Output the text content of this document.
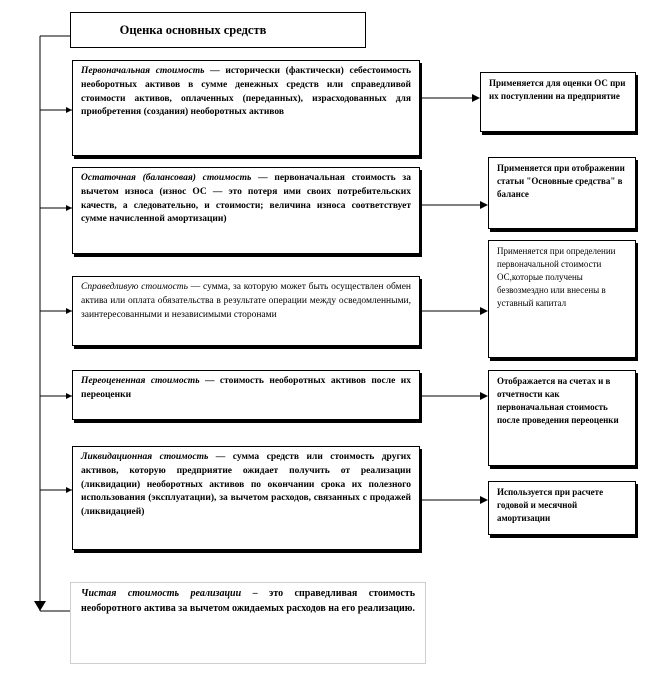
Оценка основных средств
Первоначальная стоимость — исторически (фактически) себестоимость необоротных активов в сумме денежных средств или справедливой стоимости активов, оплаченных (переданных), израсходованных для приобретения (создания) необоротных активов
Применяется для оценки ОС при их поступлении на предприятие
Остаточная (балансовая) стоимость — первоначальная стоимость за вычетом износа (износ ОС — это потеря ими своих потребительских качеств, а следовательно, и стоимости; величина износа соответствует сумме начисленной амортизации)
Применяется при отображении статьи "Основные средства" в балансе
Справедливую стоимость — сумма, за которую может быть осуществлен обмен актива или оплата обязательства в результате операции между осведомленными, заинтересованными и независимыми сторонами
Применяется при определении первоначальной стоимости ОС,которые получены безвозмездно или внесены в уставный капитал
Переоцененная стоимость — стоимость необоротных активов после их переоценки
Отображается на счетах и в отчетности как первоначальная стоимость после проведения переоценки
Ликвидационная стоимость — сумма средств или стоимость других активов, которую предприятие ожидает получить от реализации (ликвидации) необоротных активов по окончании срока их полезного использования (эксплуатации), за вычетом расходов, связанных с продажей (ликвидацией)
Используется при расчете годовой и месячной амортизации
Чистая стоимость реализации – это справедливая стоимость необоротного актива за вычетом ожидаемых расходов на его реализацию.
